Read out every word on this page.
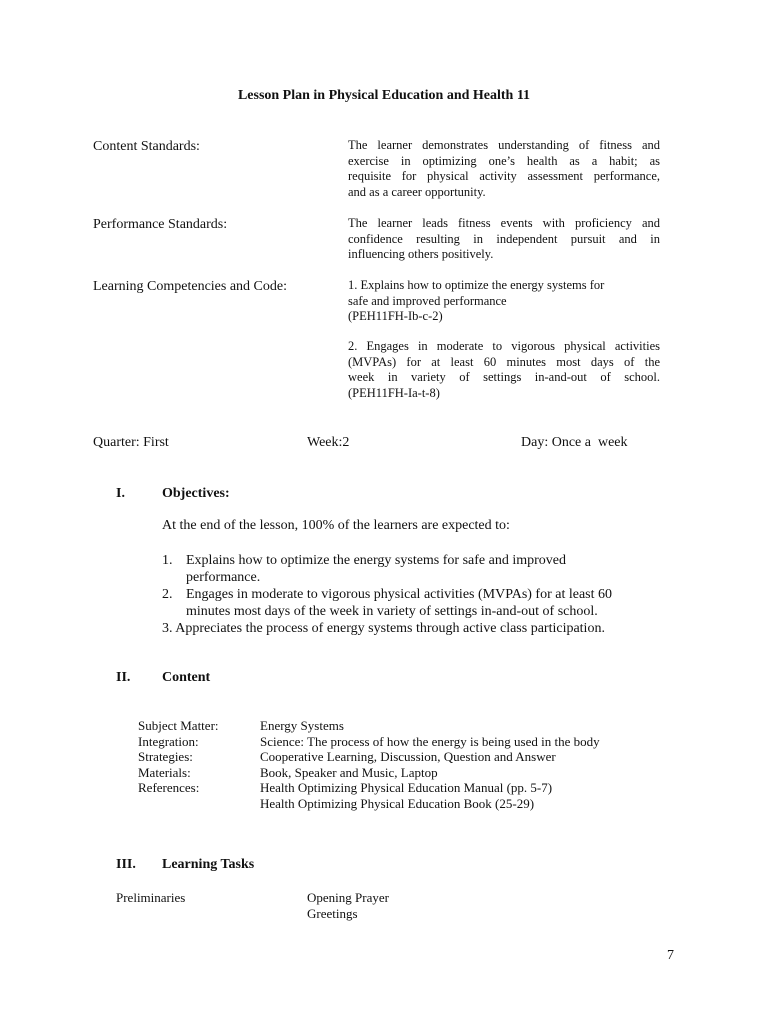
Lesson Plan in Physical Education and Health 11
Content Standards:	The learner demonstrates understanding of fitness and
exercise in optimizing one’s health as a habit; as
requisite for physical activity assessment performance,
and as a career opportunity.
Performance Standards:	The learner leads fitness events with proficiency and
confidence resulting in independent pursuit and in
influencing others positively.
Learning Competencies and Code:	1. Explains how to optimize the energy systems for
safe and improved performance
(PEH11FH-Ib-c-2)
2. Engages in moderate to vigorous physical activities
(MVPAs) for at least 60 minutes most days of the
week in variety of settings in-and-out of school.
(PEH11FH-Ia-t-8)
Quarter: First	Week:2	Day: Once a  week
I.	Objectives:
At the end of the lesson, 100% of the learners are expected to:
1. Explains how to optimize the energy systems for safe and improved
performance.
2. Engages in moderate to vigorous physical activities (MVPAs) for at least 60
minutes most days of the week in variety of settings in-and-out of school.
3. Appreciates the process of energy systems through active class participation.
II. Content
Subject Matter:	Energy Systems
Integration:	Science: The process of how the energy is being used in the body
Strategies:	Cooperative Learning, Discussion, Question and Answer
Materials:	Book, Speaker and Music, Laptop
References:	Health Optimizing Physical Education Manual (pp. 5-7)
Health Optimizing Physical Education Book (25-29)
III. Learning Tasks
Preliminaries	Opening Prayer
Greetings
7
